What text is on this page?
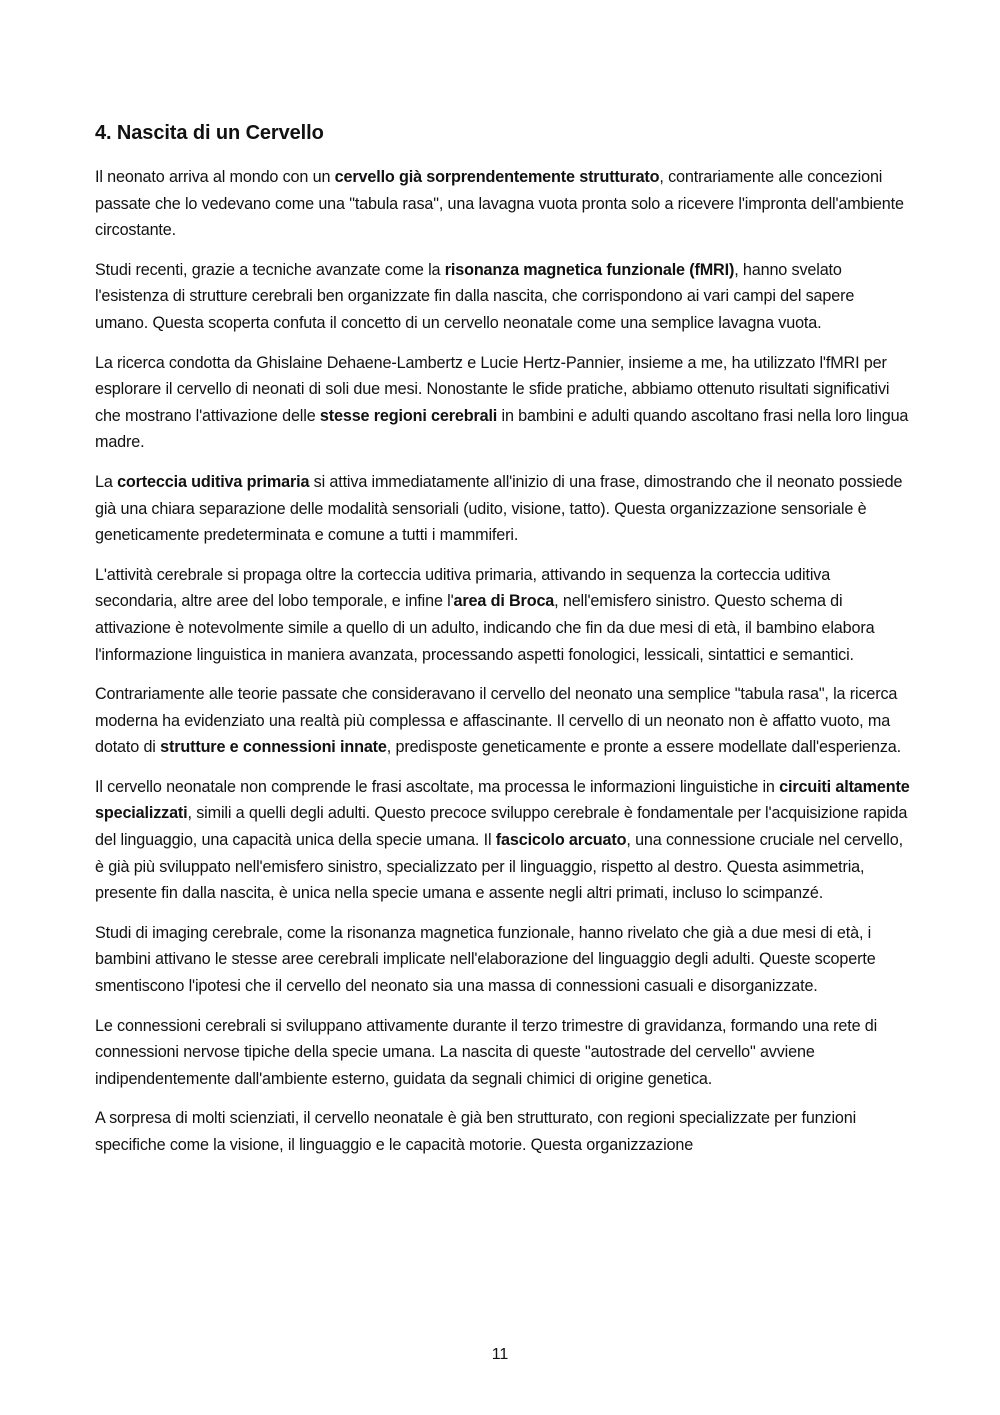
4. Nascita di un Cervello

Il neonato arriva al mondo con un cervello già sorprendentemente strutturato, contrariamente alle concezioni passate che lo vedevano come una "tabula rasa", una lavagna vuota pronta solo a ricevere l'impronta dell'ambiente circostante.

Studi recenti, grazie a tecniche avanzate come la risonanza magnetica funzionale (fMRI), hanno svelato l'esistenza di strutture cerebrali ben organizzate fin dalla nascita, che corrispondono ai vari campi del sapere umano. Questa scoperta confuta il concetto di un cervello neonatale come una semplice lavagna vuota.

La ricerca condotta da Ghislaine Dehaene-Lambertz e Lucie Hertz-Pannier, insieme a me, ha utilizzato l'fMRI per esplorare il cervello di neonati di soli due mesi. Nonostante le sfide pratiche, abbiamo ottenuto risultati significativi che mostrano l'attivazione delle stesse regioni cerebrali in bambini e adulti quando ascoltano frasi nella loro lingua madre.

La corteccia uditiva primaria si attiva immediatamente all'inizio di una frase, dimostrando che il neonato possiede già una chiara separazione delle modalità sensoriali (udito, visione, tatto). Questa organizzazione sensoriale è geneticamente predeterminata e comune a tutti i mammiferi.

L'attività cerebrale si propaga oltre la corteccia uditiva primaria, attivando in sequenza la corteccia uditiva secondaria, altre aree del lobo temporale, e infine l'area di Broca, nell'emisfero sinistro. Questo schema di attivazione è notevolmente simile a quello di un adulto, indicando che fin da due mesi di età, il bambino elabora l'informazione linguistica in maniera avanzata, processando aspetti fonologici, lessicali, sintattici e semantici.

Contrariamente alle teorie passate che consideravano il cervello del neonato una semplice "tabula rasa", la ricerca moderna ha evidenziato una realtà più complessa e affascinante. Il cervello di un neonato non è affatto vuoto, ma dotato di strutture e connessioni innate, predisposte geneticamente e pronte a essere modellate dall'esperienza.

Il cervello neonatale non comprende le frasi ascoltate, ma processa le informazioni linguistiche in circuiti altamente specializzati, simili a quelli degli adulti. Questo precoce sviluppo cerebrale è fondamentale per l'acquisizione rapida del linguaggio, una capacità unica della specie umana. Il fascicolo arcuato, una connessione cruciale nel cervello, è già più sviluppato nell'emisfero sinistro, specializzato per il linguaggio, rispetto al destro. Questa asimmetria, presente fin dalla nascita, è unica nella specie umana e assente negli altri primati, incluso lo scimpanzé.

Studi di imaging cerebrale, come la risonanza magnetica funzionale, hanno rivelato che già a due mesi di età, i bambini attivano le stesse aree cerebrali implicate nell'elaborazione del linguaggio degli adulti. Queste scoperte smentiscono l'ipotesi che il cervello del neonato sia una massa di connessioni casuali e disorganizzate.

Le connessioni cerebrali si sviluppano attivamente durante il terzo trimestre di gravidanza, formando una rete di connessioni nervose tipiche della specie umana. La nascita di queste "autostrade del cervello" avviene indipendentemente dall'ambiente esterno, guidata da segnali chimici di origine genetica.

A sorpresa di molti scienziati, il cervello neonatale è già ben strutturato, con regioni specializzate per funzioni specifiche come la visione, il linguaggio e le capacità motorie. Questa organizzazione

11
